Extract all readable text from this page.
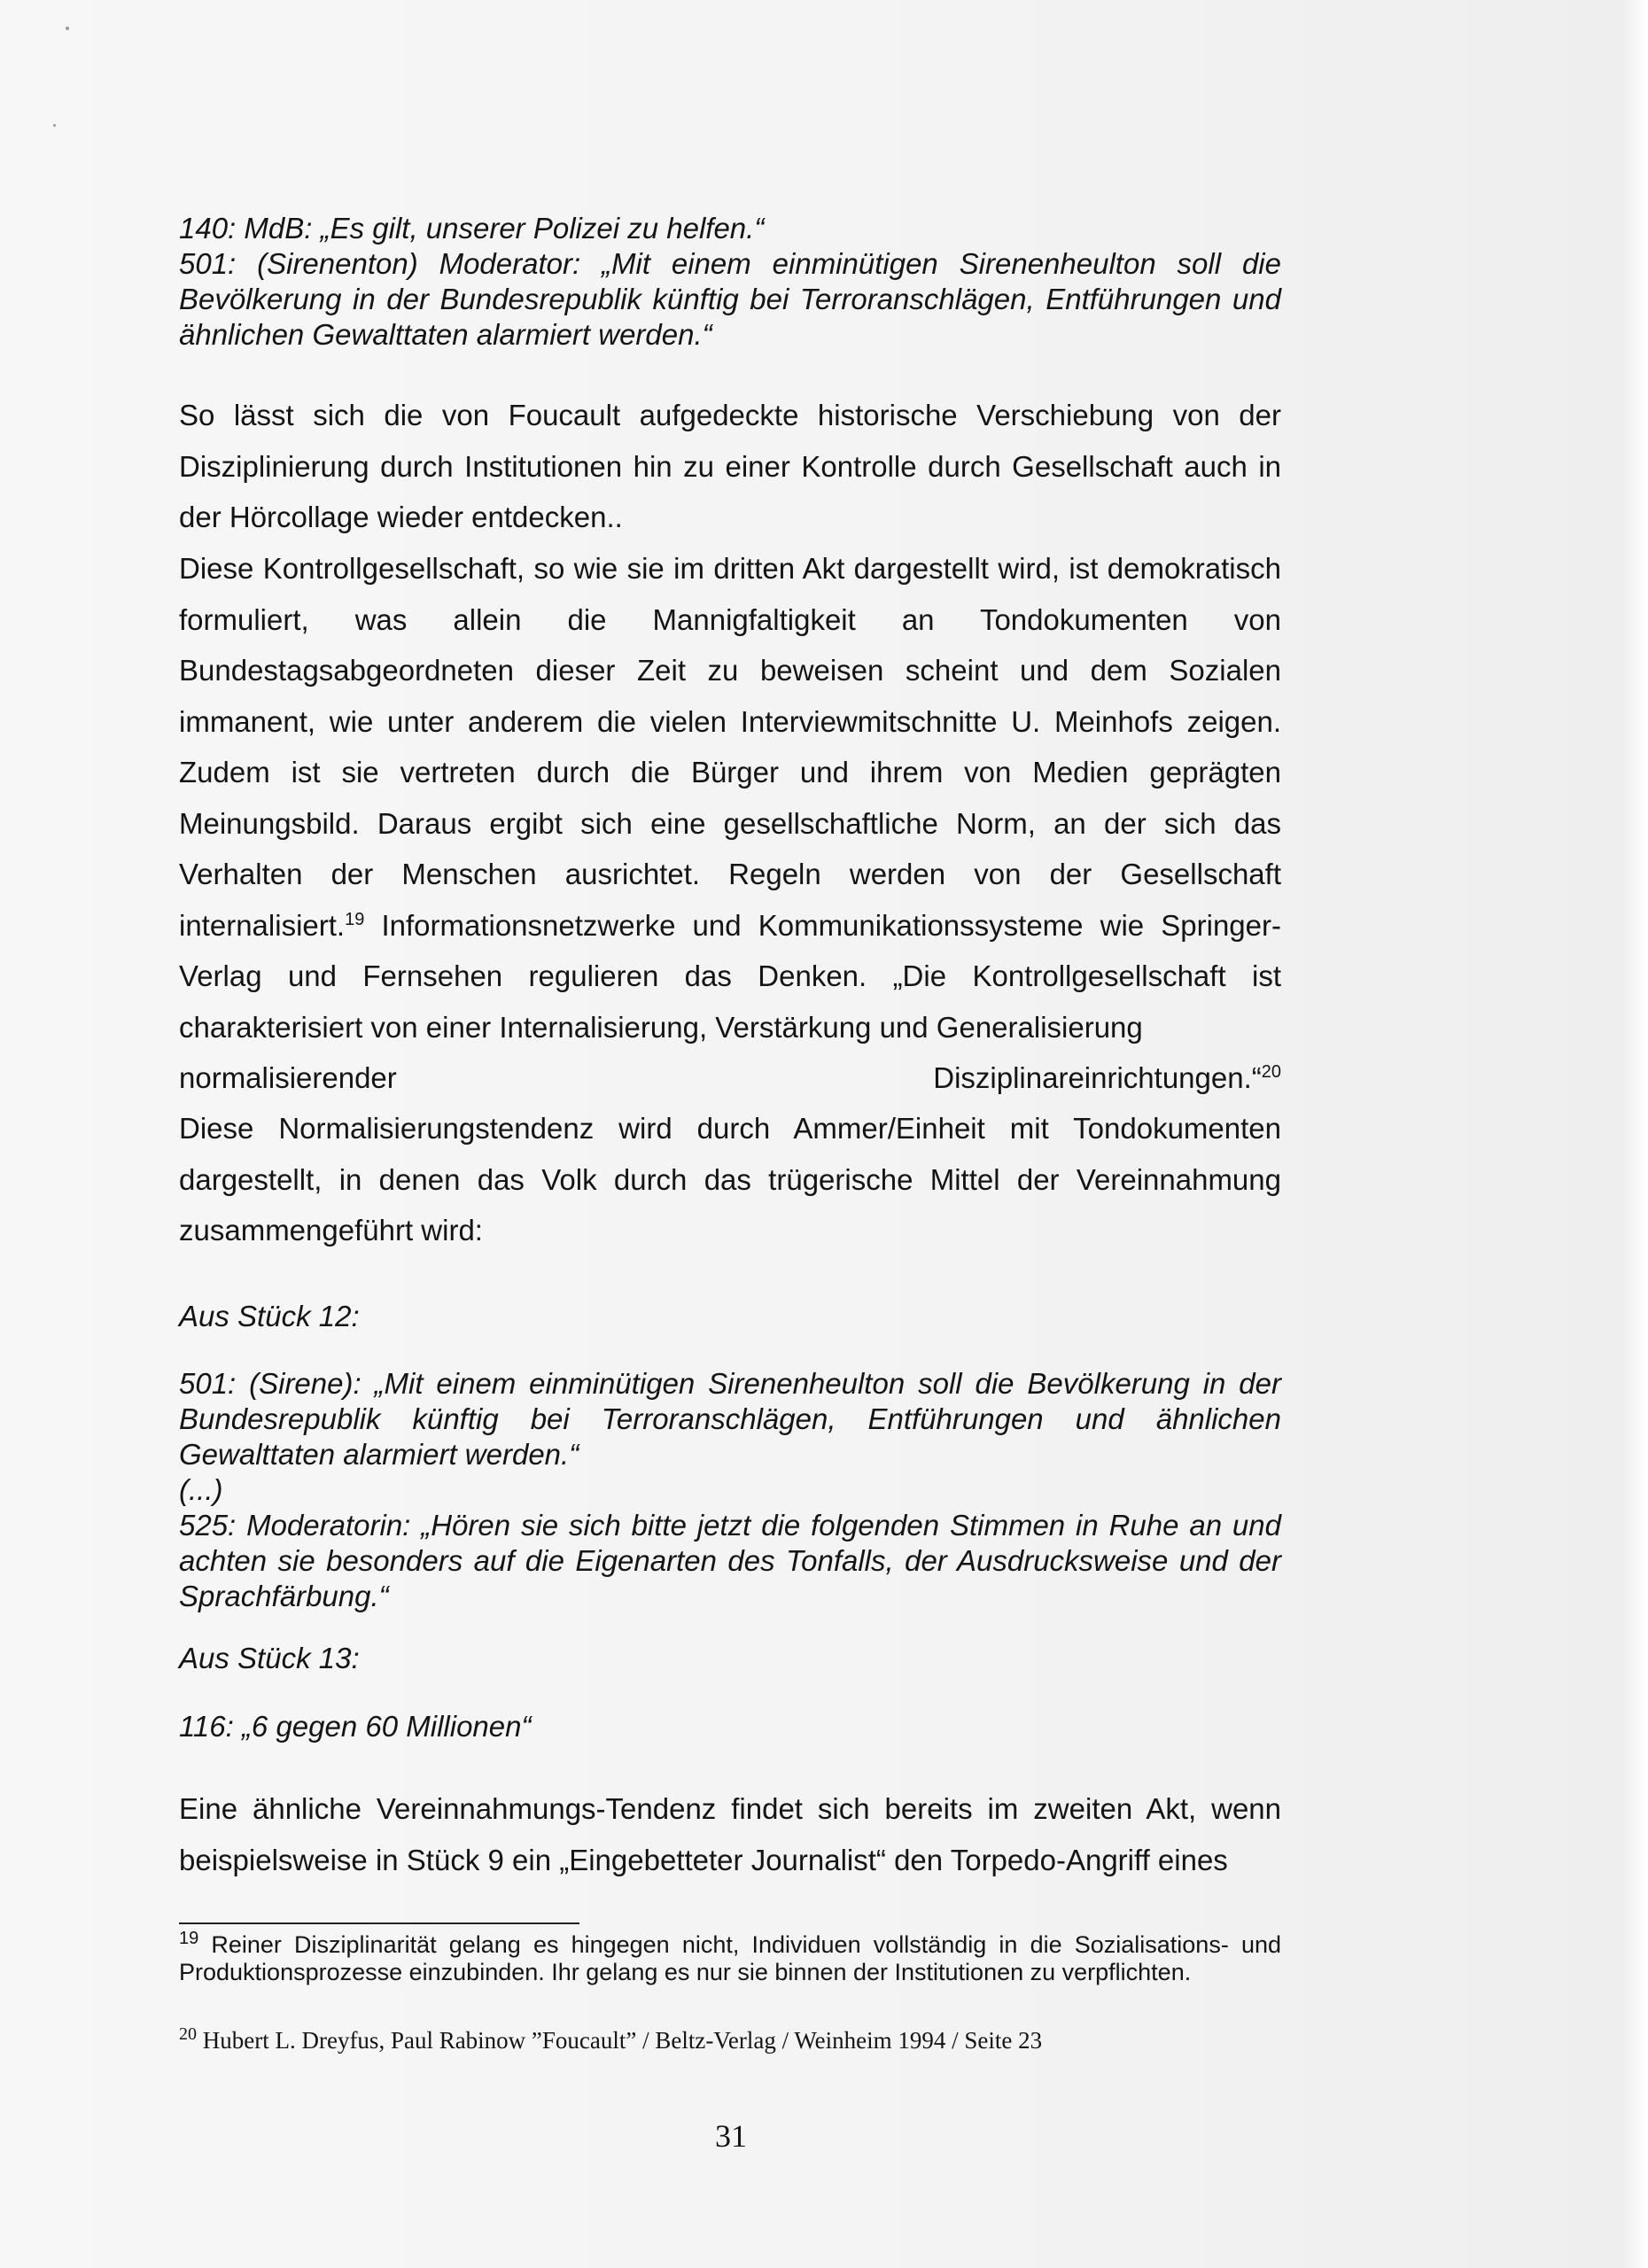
140: MdB: „Es gilt, unserer Polizei zu helfen.“

501: (Sirenenton) Moderator: „Mit einem einminütigen Sirenenheulton soll die Bevölkerung in der Bundesrepublik künftig bei Terroranschlägen, Entführungen und ähnlichen Gewalttaten alarmiert werden.“

So lässt sich die von Foucault aufgedeckte historische Verschiebung von der Disziplinierung durch Institutionen hin zu einer Kontrolle durch Gesellschaft auch in der Hörcollage wieder entdecken..

Diese Kontrollgesellschaft, so wie sie im dritten Akt dargestellt wird, ist demokratisch formuliert, was allein die Mannigfaltigkeit an Tondokumenten von Bundestagsabgeordneten dieser Zeit zu beweisen scheint und dem Sozialen immanent, wie unter anderem die vielen Interviewmitschnitte U. Meinhofs zeigen. Zudem ist sie vertreten durch die Bürger und ihrem von Medien geprägten Meinungsbild. Daraus ergibt sich eine gesellschaftliche Norm, an der sich das Verhalten der Menschen ausrichtet. Regeln werden von der Gesellschaft internalisiert.$^{19}$ Informationsnetzwerke und Kommunikationssysteme wie Springer-Verlag und Fernsehen regulieren das Denken. „Die Kontrollgesellschaft ist charakterisiert von einer Internalisierung, Verstärkung und Generalisierung

normalisierender	Disziplinareinrichtungen.“$^{20}$

Diese Normalisierungstendenz wird durch Ammer/Einheit mit Tondokumenten dargestellt, in denen das Volk durch das trügerische Mittel der Vereinnahmung zusammengeführt wird:

Aus Stück 12:

501: (Sirene): „Mit einem einminütigen Sirenenheulton soll die Bevölkerung in der Bundesrepublik künftig bei Terroranschlägen, Entführungen und ähnlichen Gewalttaten alarmiert werden.“

(...)

525: Moderatorin: „Hören sie sich bitte jetzt die folgenden Stimmen in Ruhe an und achten sie besonders auf die Eigenarten des Tonfalls, der Ausdrucksweise und der Sprachfärbung.“

Aus Stück 13:

116: „6 gegen 60 Millionen“

Eine ähnliche Vereinnahmungs-Tendenz findet sich bereits im zweiten Akt, wenn beispielsweise in Stück 9 ein „Eingebetteter Journalist“ den Torpedo-Angriff eines

$^{19}$ Reiner Disziplinarität gelang es hingegen nicht, Individuen vollständig in die Sozialisations- und Produktionsprozesse einzubinden. Ihr gelang es nur sie binnen der Institutionen zu verpflichten.

$^{20}$ Hubert L. Dreyfus, Paul Rabinow ”Foucault” / Beltz-Verlag / Weinheim 1994 / Seite 23

31
